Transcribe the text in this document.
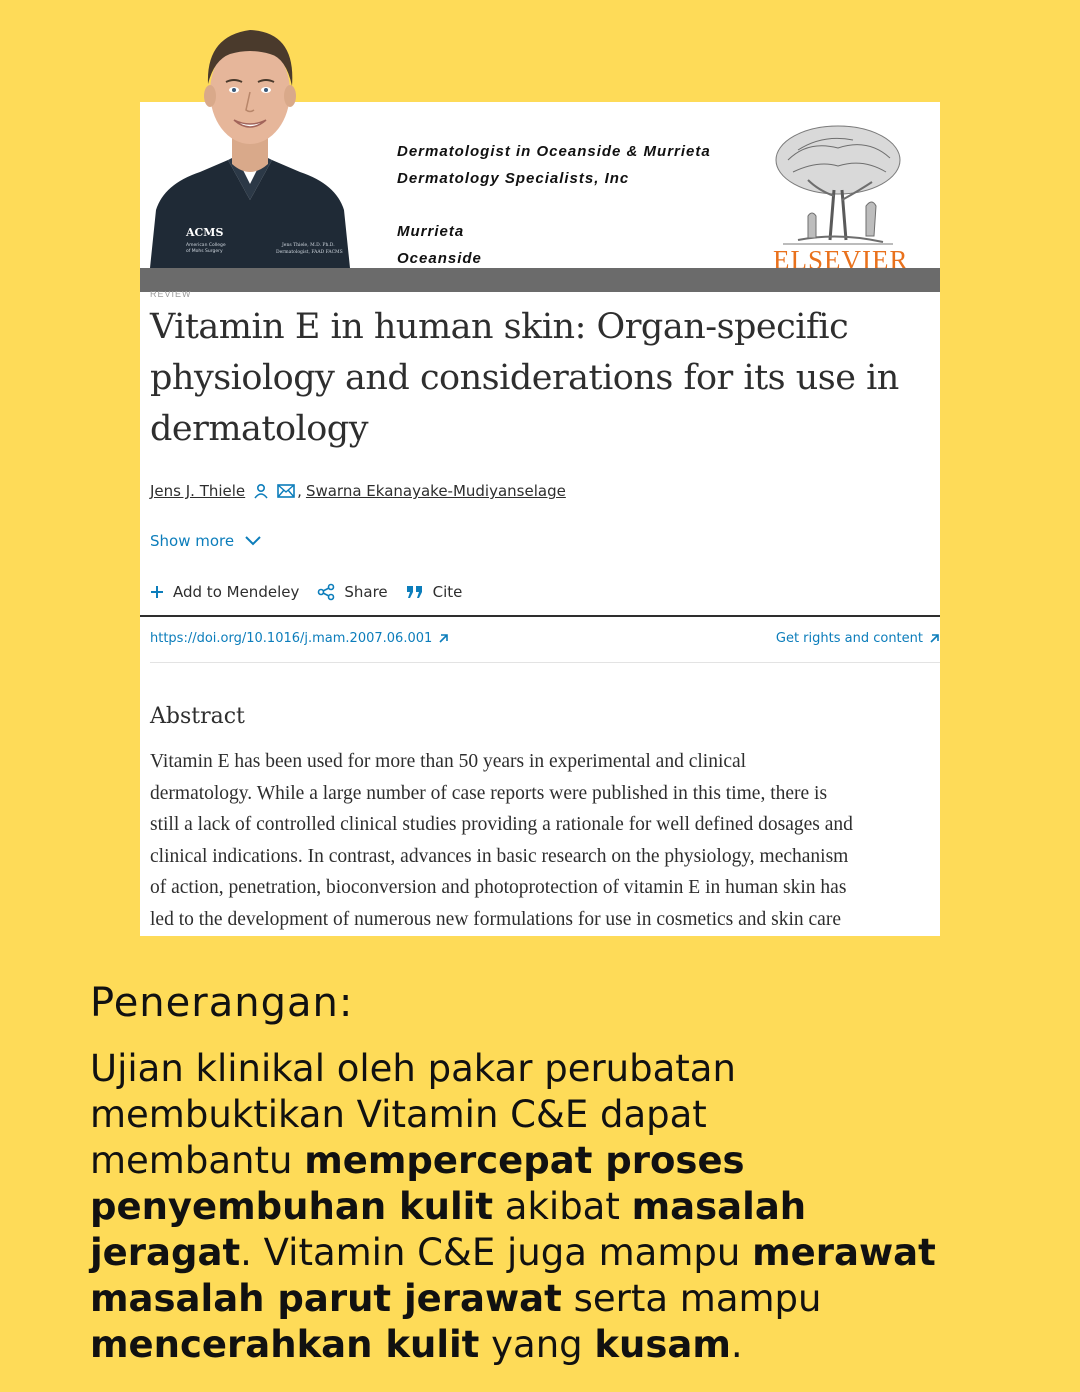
Dermatologist in Oceanside & Murrieta
Dermatology Specialists, Inc
Murrieta
Oceanside	ELSEVIER
REVIEW
Vitamin E in human skin: Organ-specific
physiology and considerations for its use in
dermatology
Jens J. Thiele	, Swarna Ekanayake-Mudiyanselage
Show more
Add to Mendeley	Share	Cite
https://doi.org/10.1016/j.mam.2007.06.001	Get rights and content
Abstract
Vitamin E has been used for more than 50 years in experimental and clinical
dermatology. While a large number of case reports were published in this time, there is
still a lack of controlled clinical studies providing a rationale for well defined dosages and
clinical indications. In contrast, advances in basic research on the physiology, mechanism
of action, penetration, bioconversion and photoprotection of vitamin E in human skin has
led to the development of numerous new formulations for use in cosmetics and skin care
ACMS
American College
of Mohs Surgery
Jens Thiele, M.D. Ph.D.
Dermatologist, FAAD FACMS
Penerangan:
Ujian klinikal oleh pakar perubatan
membuktikan Vitamin C&E dapat
membantu mempercepat proses
penyembuhan kulit akibat masalah
jeragat. Vitamin C&E juga mampu merawat
masalah parut jerawat serta mampu
mencerahkan kulit yang kusam.
